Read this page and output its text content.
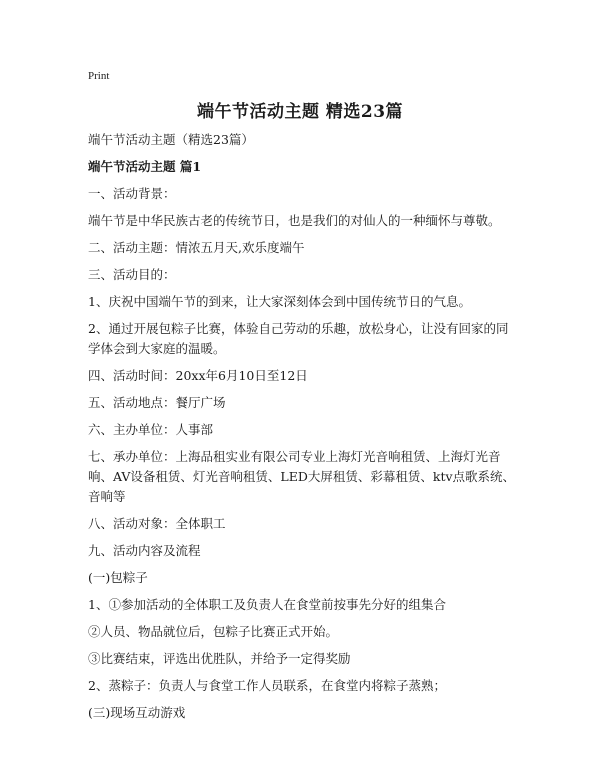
Print
端午节活动主题 精选23篇

端午节活动主题（精选23篇）

端午节活动主题 篇1

一、活动背景：

端午节是中华民族古老的传统节日，也是我们的对仙人的一种缅怀与尊敬。

二、活动主题：情浓五月天,欢乐度端午

三、活动目的：

1、庆祝中国端午节的到来，让大家深刻体会到中国传统节日的气息。

2、通过开展包粽子比赛，体验自己劳动的乐趣，放松身心，让没有回家的同学体会到大家庭的温暖。

四、活动时间：20xx年6月10日至12日

五、活动地点：餐厅广场

六、主办单位：人事部

七、承办单位：上海品租实业有限公司专业上海灯光音响租赁、上海灯光音响、AV设备租赁、灯光音响租赁、LED大屏租赁、彩幕租赁、ktv点歌系统、音响等

八、活动对象：全体职工

九、活动内容及流程

(一)包粽子

1、①参加活动的全体职工及负责人在食堂前按事先分好的组集合

②人员、物品就位后，包粽子比赛正式开始。

③比赛结束，评选出优胜队，并给予一定得奖励

2、蒸粽子：负责人与食堂工作人员联系，在食堂内将粽子蒸熟；

(三)现场互动游戏
